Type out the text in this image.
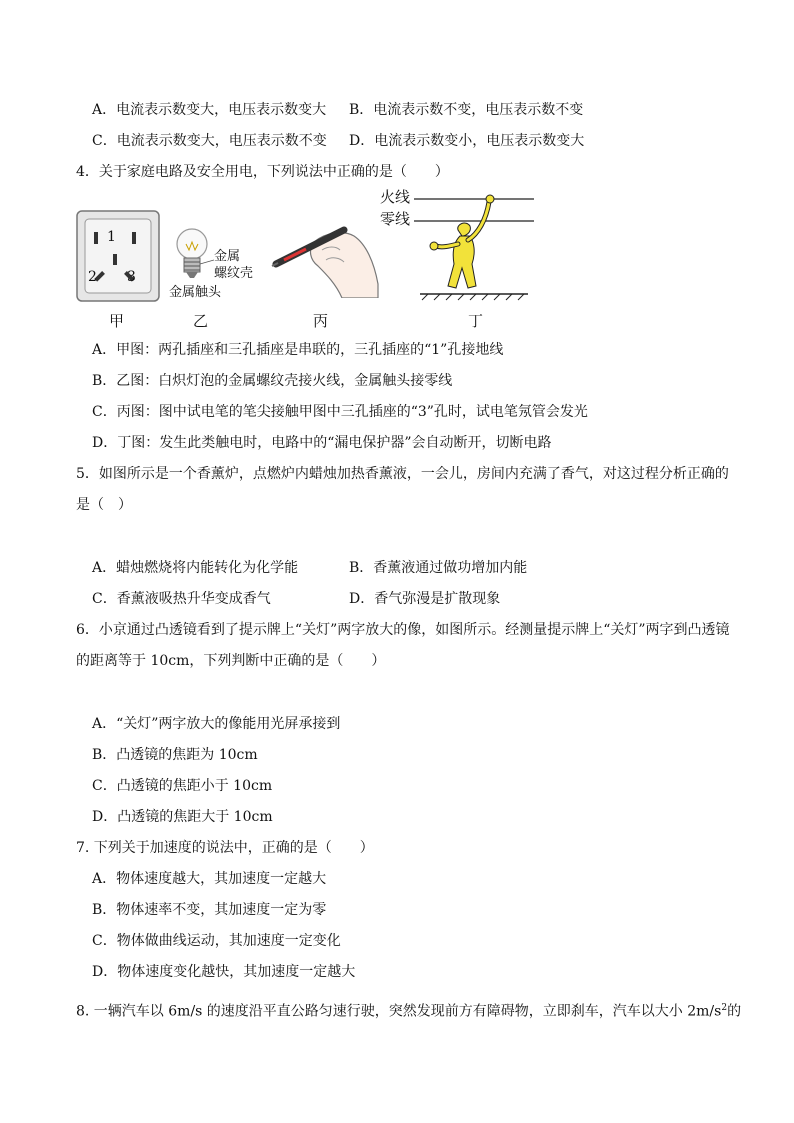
A．电流表示数变大，电压表示数变大 B．电流表示数不变，电压表示数不变
C．电流表示数变大，电压表示数不变 D．电流表示数变小，电压表示数变大
4．关于家庭电路及安全用电，下列说法中正确的是（　　）
1
2 3
金属
螺纹壳
金属触头
火线
零线
甲	乙	丙	丁
A．甲图：两孔插座和三孔插座是串联的，三孔插座的“1”孔接地线
B．乙图：白炽灯泡的金属螺纹壳接火线，金属触头接零线
C．丙图：图中试电笔的笔尖接触甲图中三孔插座的“3”孔时，试电笔氖管会发光
D．丁图：发生此类触电时，电路中的“漏电保护器”会自动断开，切断电路
5．如图所示是一个香薰炉，点燃炉内蜡烛加热香薰液，一会儿，房间内充满了香气，对这过程分析正确的
是（　）
A．蜡烛燃烧将内能转化为化学能	B．香薰液通过做功增加内能
C．香薰液吸热升华变成香气	D．香气弥漫是扩散现象
6．小京通过凸透镜看到了提示牌上“关灯”两字放大的像，如图所示。经测量提示牌上“关灯”两字到凸透镜
的距离等于 10cm，下列判断中正确的是（　　）
A．“关灯”两字放大的像能用光屏承接到
B．凸透镜的焦距为 10cm
C．凸透镜的焦距小于 10cm
D．凸透镜的焦距大于 10cm
7. 下列关于加速度的说法中，正确的是（　　）
A．物体速度越大，其加速度一定越大
B．物体速率不变，其加速度一定为零
C．物体做曲线运动，其加速度一定变化
D．物体速度变化越快，其加速度一定越大
8. 一辆汽车以 6m/s 的速度沿平直公路匀速行驶，突然发现前方有障碍物，立即刹车，汽车以大小 $2m/s^2$的
